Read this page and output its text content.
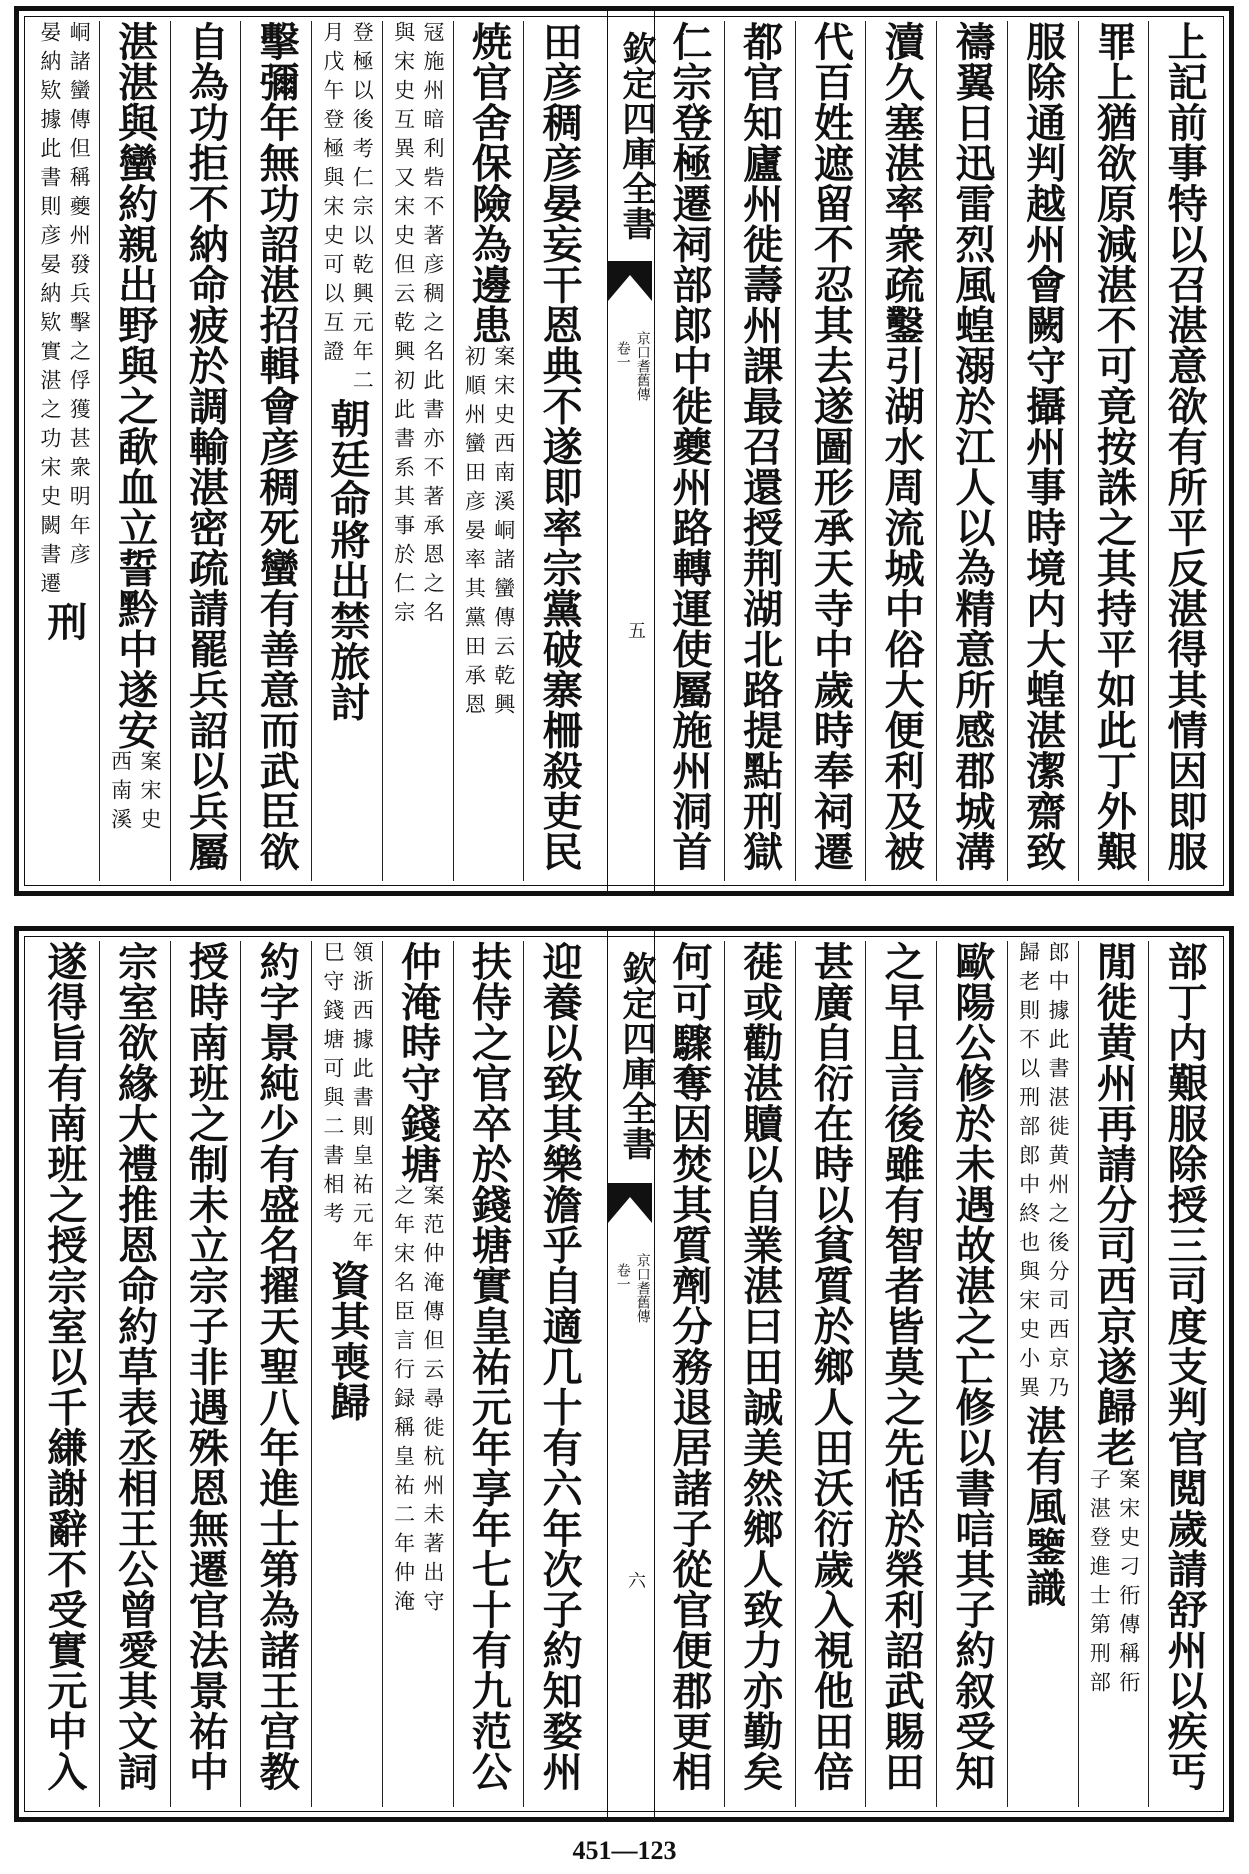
上記前事特以召湛意欲有所平反湛得其情因即服
罪上猶欲原減湛不可竟按誅之其持平如此丁外艱
服除通判越州會闕守攝州事時境内大蝗湛潔齋致
禱翼日迅雷烈風蝗溺於江人以為精意所感郡城溝
瀆久塞湛率衆疏鑿引湖水周流城中俗大便利及被
代百姓遮留不忍其去遂圖形承天寺中歲時奉祠遷
都官知廬州徙壽州課最召還授荆湖北路提點刑獄
仁宗登極遷祠部郎中徙夔州路轉運使屬施州洞首
欽定四庫全書
京口耆舊傳
卷一
五
田彦稠彦晏妄干恩典不遂即率宗黨破寨柵殺吏民
焼官舍保險為邊患
案宋史西南溪峒諸蠻傳云乾興
初順州蠻田彦晏率其黨田承恩
冦施州暗利砦不著彦稠之名此書亦不著承恩之名
與宋史互異又宋史但云乾興初此書系其事於仁宗
登極以後考仁宗以乾興元年二
月戊午登極與宋史可以互證
朝廷命將出禁旅討
擊彌年無功詔湛招輯會彦稠死蠻有善意而武臣欲
自為功拒不納命疲於調輸湛密疏請罷兵詔以兵屬
湛湛與蠻約親出野與之歃血立誓黔中遂安
案宋史
西南溪
峒諸蠻傳但稱夔州發兵擊之俘獲甚衆明年彦
晏納欵據此書則彦晏納欵實湛之功宋史闕書遷
刑
部丁内艱服除授三司度支判官閲歲請舒州以疾丐
閒徙黄州再請分司西京遂歸老
案宋史刁衎傳稱衎
子湛登進士第刑部
郎中據此書湛徙黄州之後分司西京乃
歸老則不以刑部郎中終也與宋史小異
湛有風鑒識
歐陽公修於未遇故湛之亡修以書唁其子約叙受知
之早且言後雖有智者皆莫之先恬於榮利詔武賜田
甚廣自衍在時以貧質於鄉人田沃衍歲入視他田倍
蓰或勸湛贖以自業湛曰田誠美然鄉人致力亦勤矣
何可驟奪因焚其質劑分務退居諸子從官便郡更相
欽定四庫全書
京口耆舊傳
卷一
六
迎養以致其樂澹乎自適几十有六年次子約知婺州
扶侍之官卒於錢塘實皇祐元年享年七十有九范公
仲淹時守錢塘
案范仲淹傳但云尋徙杭州未著出守
之年宋名臣言行録稱皇祐二年仲淹
領浙西據此書則皇祐元年
巳守錢塘可與二書相考
資其喪歸
約字景純少有盛名擢天聖八年進士第為諸王宫教
授時南班之制未立宗子非遇殊恩無遷官法景祐中
宗室欲緣大禮推恩命約草表丞相王公曾愛其文詞
遂得旨有南班之授宗室以千縑謝辭不受實元中入
451—123
